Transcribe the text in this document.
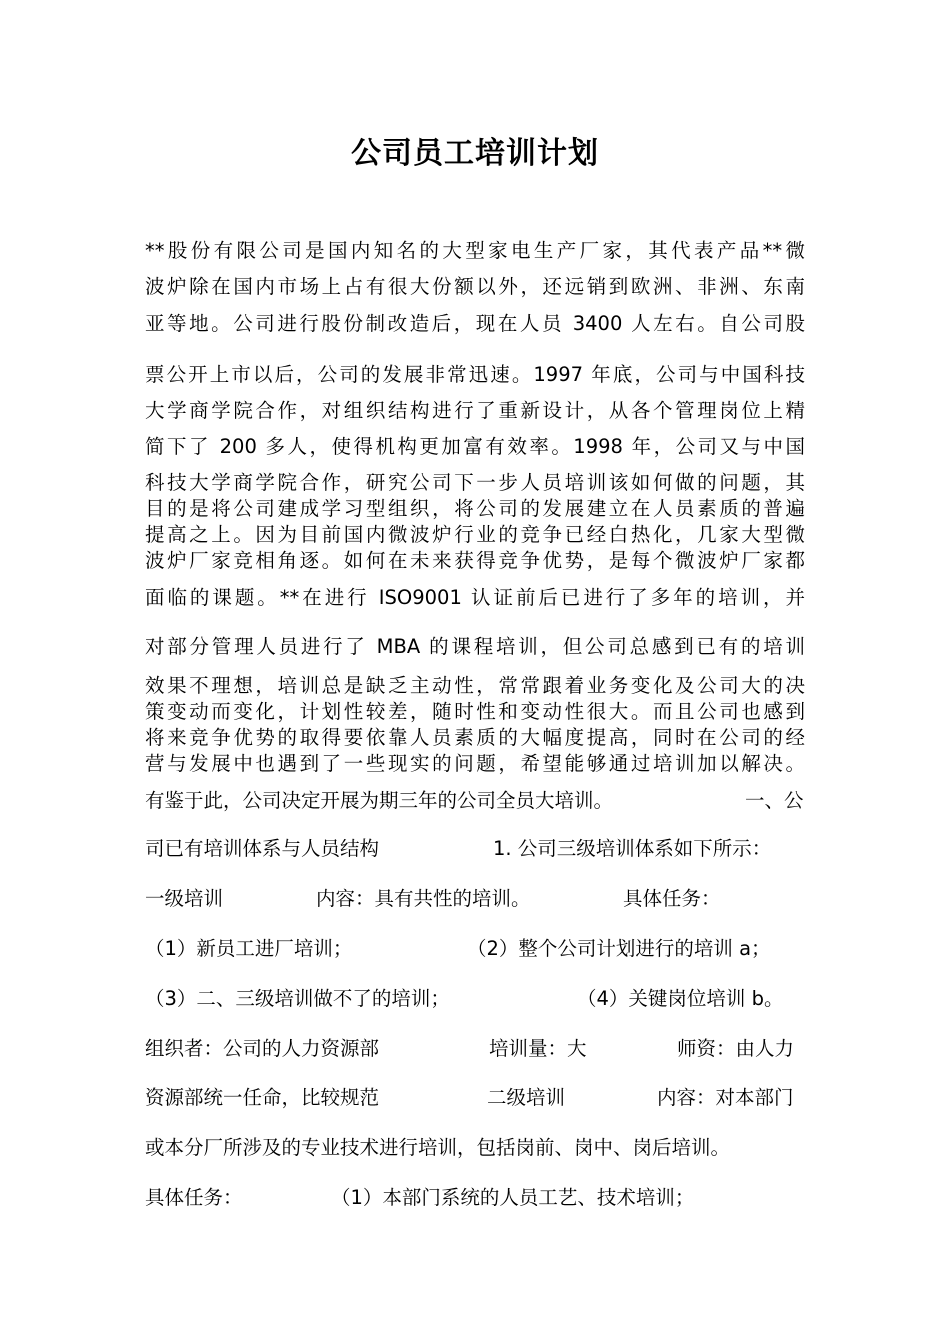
公司员工培训计划
**股份有限公司是国内知名的大型家电生产厂家，其代表产品**微
波炉除在国内市场上占有很大份额以外，还远销到欧洲、非洲、东南
亚等地。公司进行股份制改造后，现在人员 3400 人左右。自公司股
票公开上市以后，公司的发展非常迅速。1997 年底，公司与中国科技
大学商学院合作，对组织结构进行了重新设计，从各个管理岗位上精
简下了 200 多人，使得机构更加富有效率。1998 年，公司又与中国
科技大学商学院合作，研究公司下一步人员培训该如何做的问题，其
目的是将公司建成学习型组织，将公司的发展建立在人员素质的普遍
提高之上。因为目前国内微波炉行业的竞争已经白热化，几家大型微
波炉厂家竞相角逐。如何在未来获得竞争优势，是每个微波炉厂家都
面临的课题。**在进行 ISO9001 认证前后已进行了多年的培训，并
对部分管理人员进行了 MBA 的课程培训，但公司总感到已有的培训
效果不理想，培训总是缺乏主动性，常常跟着业务变化及公司大的决
策变动而变化，计划性较差，随时性和变动性很大。而且公司也感到
将来竞争优势的取得要依靠人员素质的大幅度提高，同时在公司的经
营与发展中也遇到了一些现实的问题，希望能够通过培训加以解决。
有鉴于此，公司决定开展为期三年的公司全员大培训。	一、公
司已有培训体系与人员结构	1. 公司三级培训体系如下所示：
一级培训	内容：具有共性的培训。	具体任务：
（1）新员工进厂培训；	（2）整个公司计划进行的培训 a；
（3）二、三级培训做不了的培训；	（4）关键岗位培训 b。
组织者：公司的人力资源部	培训量：大	师资：由人力
资源部统一任命，比较规范	二级培训	内容：对本部门
或本分厂所涉及的专业技术进行培训，包括岗前、岗中、岗后培训。
具体任务：	（1）本部门系统的人员工艺、技术培训；
